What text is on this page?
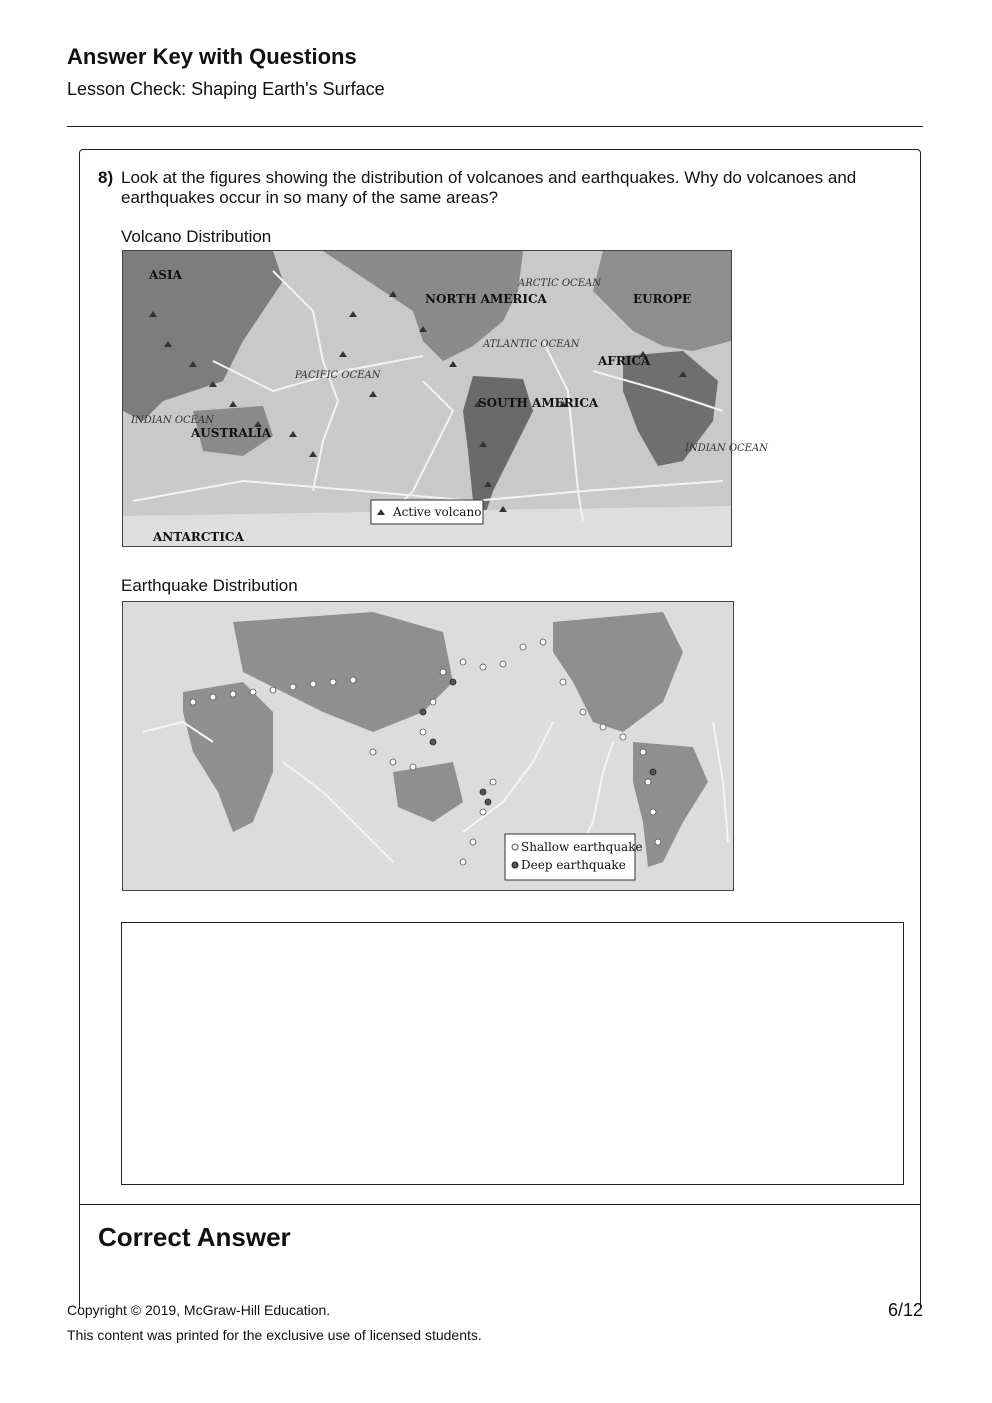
Answer Key with Questions
Lesson Check: Shaping Earth's Surface
8) Look at the figures showing the distribution of volcanoes and earthquakes. Why do volcanoes and earthquakes occur in so many of the same areas?
Volcano Distribution
ASIA
NORTH AMERICA	EUROPE
AFRICA
SOUTH AMERICA
AUSTRALIA
ANTARCTICA
ARCTIC OCEAN
ATLANTIC OCEAN
PACIFIC OCEAN
INDIAN OCEAN
INDIAN OCEAN
Active volcano
Earthquake Distribution
Shallow earthquake
Deep earthquake
Correct Answer
Copyright © 2019, McGraw-Hill Education.	6/12
This content was printed for the exclusive use of licensed students.
